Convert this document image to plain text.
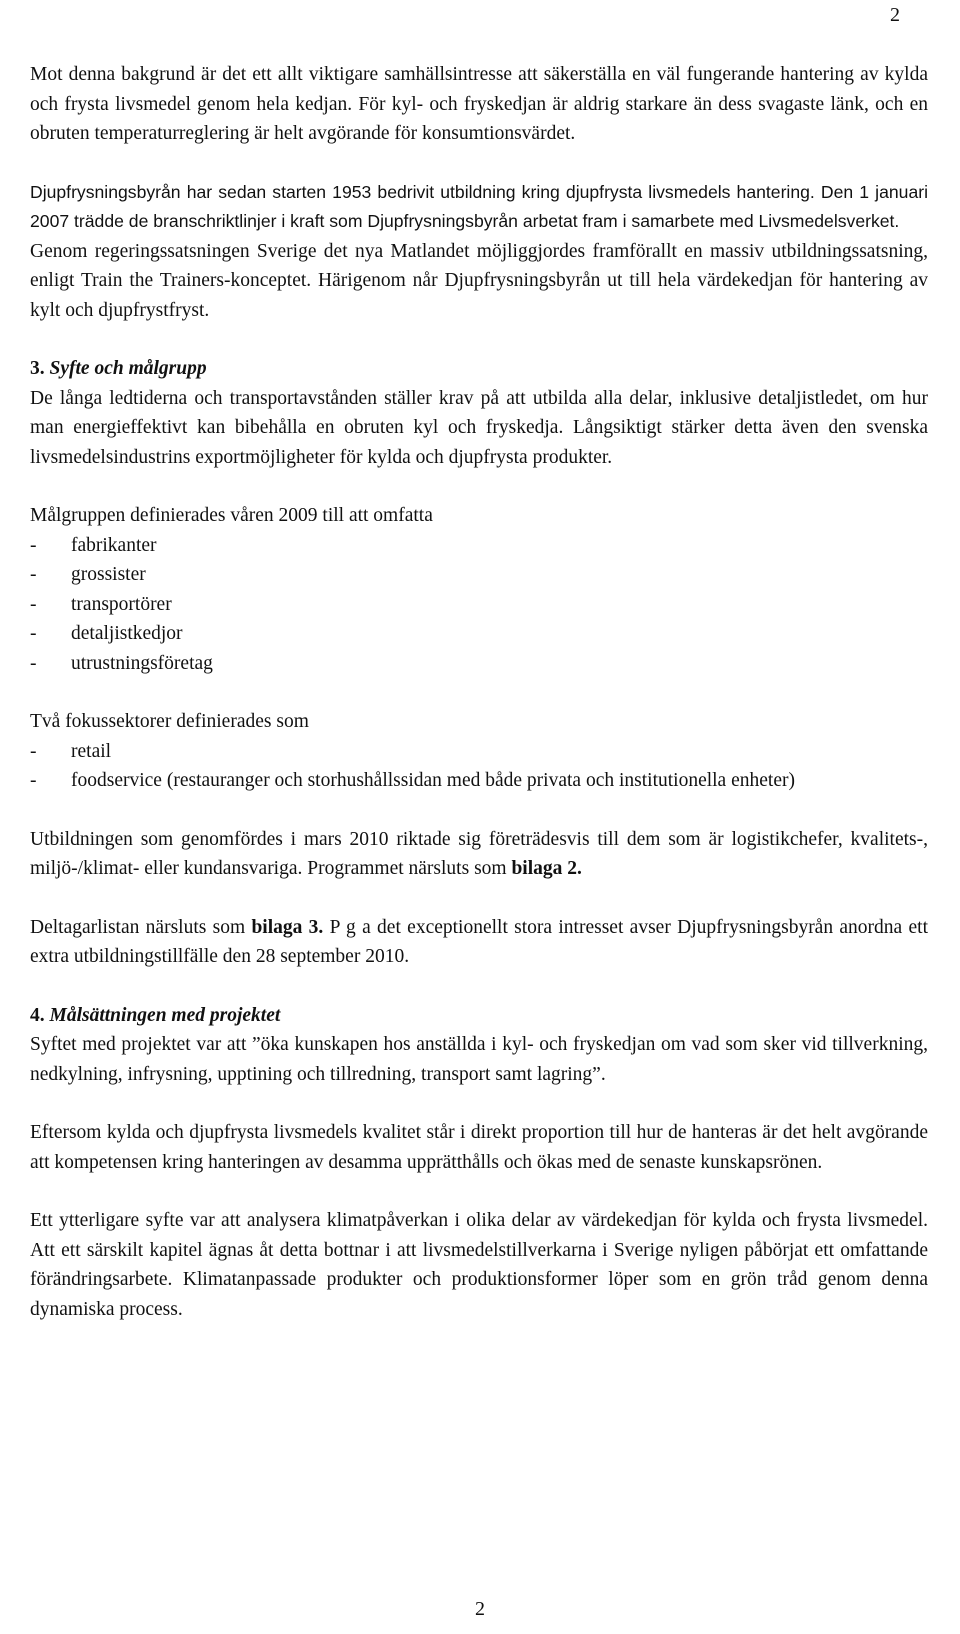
2

Mot denna bakgrund är det ett allt viktigare samhällsintresse att säkerställa en väl fungerande hantering av kylda och frysta livsmedel genom hela kedjan. För kyl- och fryskedjan är aldrig starkare än dess svagaste länk, och en obruten temperaturreglering är helt avgörande för konsumtionsvärdet.

Djupfrysningsbyrån har sedan starten 1953 bedrivit utbildning kring djupfrysta livsmedels hantering. Den 1 januari 2007 trädde de branschriktlinjer i kraft som Djupfrysningsbyrån arbetat fram i samarbete med Livsmedelsverket.

Genom regeringssatsningen Sverige det nya Matlandet möjliggjordes framförallt en massiv utbildningssatsning, enligt Train the Trainers-konceptet. Härigenom når Djupfrysningsbyrån ut till hela värdekedjan för hantering av kylt och djupfrystfryst.

3. Syfte och målgrupp

De långa ledtiderna och transportavstånden ställer krav på att utbilda alla delar, inklusive detaljistledet, om hur man energieffektivt kan bibehålla en obruten kyl och fryskedja. Långsiktigt stärker detta även den svenska livsmedelsindustrins exportmöjligheter för kylda och djupfrysta produkter.

Målgruppen definierades våren 2009 till att omfatta

- fabrikanter
- grossister
- transportörer
- detaljistkedjor
- utrustningsföretag

Två fokussektorer definierades som

- retail
- foodservice (restauranger och storhushållssidan med både privata och institutionella enheter)

Utbildningen som genomfördes i mars 2010 riktade sig företrädesvis till dem som är logistikchefer, kvalitets-, miljö-/klimat- eller kundansvariga. Programmet närsluts som bilaga 2.

Deltagarlistan närsluts som bilaga 3. P g a det exceptionellt stora intresset avser Djupfrysningsbyrån anordna ett extra utbildningstillfälle den 28 september 2010.

4. Målsättningen med projektet

Syftet med projektet var att ”öka kunskapen hos anställda i kyl- och fryskedjan om vad som sker vid tillverkning, nedkylning, infrysning, upptining och tillredning, transport samt lagring”.

Eftersom kylda och djupfrysta livsmedels kvalitet står i direkt proportion till hur de hanteras är det helt avgörande att kompetensen kring hanteringen av desamma upprätthålls och ökas med de senaste kunskapsrönen.

Ett ytterligare syfte var att analysera klimatpåverkan i olika delar av värdekedjan för kylda och frysta livsmedel. Att ett särskilt kapitel ägnas åt detta bottnar i att livsmedelstillverkarna i Sverige nyligen påbörjat ett omfattande förändringsarbete. Klimatanpassade produkter och produktionsformer löper som en grön tråd genom denna dynamiska process.

2
